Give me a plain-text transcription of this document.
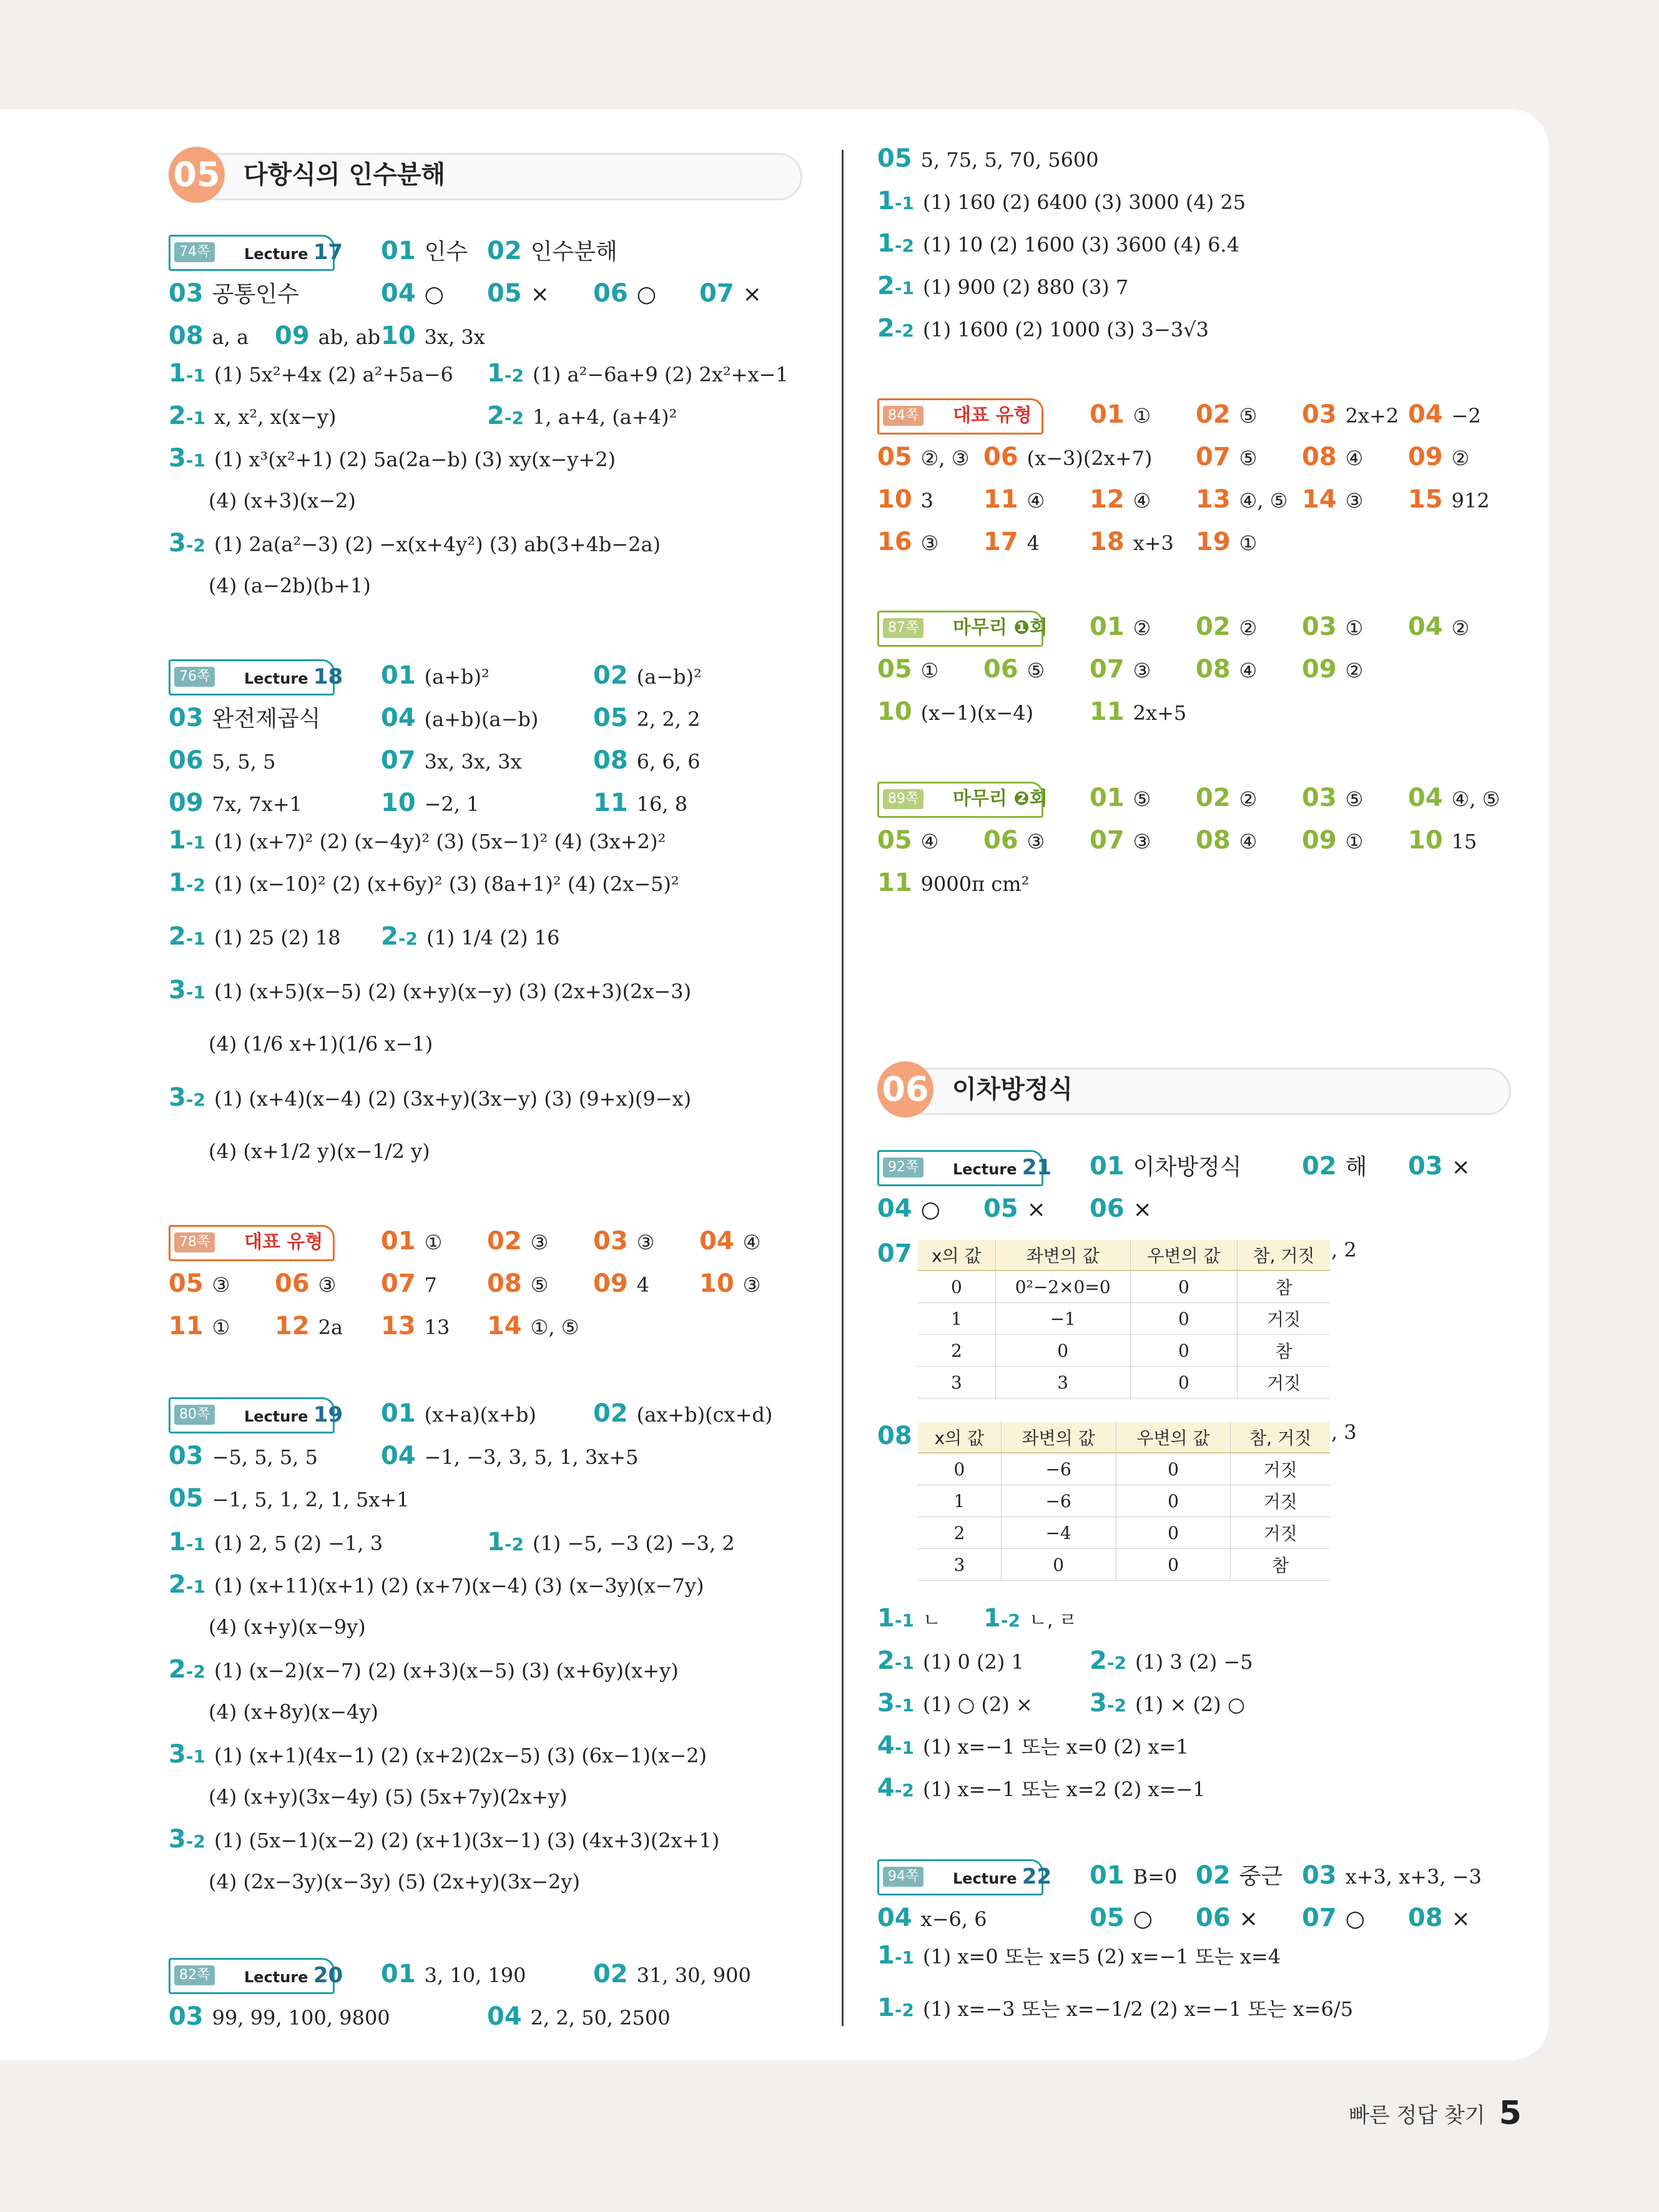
05 다항식의 인수분해
74쪽	Lecture 17 01 인수 02 인수분해
03 공통인수	04 ○ 05 × 06 ○ 07 ×
08 a, a 09 ab, ab 10 3x, 3x
1-1 (1) 5x²+4x (2) a²+5a−6 1-2 (1) a²−6a+9 (2) 2x²+x−1
2-1 x, x², x(x−y)	2-2 1, a+4, (a+4)²
3-1 (1) x³(x²+1) (2) 5a(2a−b) (3) xy(x−y+2)
(4) (x+3)(x−2)
3-2 (1) 2a(a²−3) (2) −x(x+4y²) (3) ab(3+4b−2a)
(4) (a−2b)(b+1)
76쪽	Lecture 18 01 (a+b)²	02 (a−b)²
03 완전제곱식 04 (a+b)(a−b) 05 2, 2, 2
06 5, 5, 5	07 3x, 3x, 3x	08 6, 6, 6
09 7x, 7x+1	10 −2, 1	11 16, 8
1-1 (1) (x+7)² (2) (x−4y)² (3) (5x−1)² (4) (3x+2)²
1-2 (1) (x−10)² (2) (x+6y)² (3) (8a+1)² (4) (2x−5)²
2-1 (1) 25 (2) 18 2-2 (1) 1/4 (2) 16
3-1 (1) (x+5)(x−5) (2) (x+y)(x−y) (3) (2x+3)(2x−3)
(4) (1/6 x+1)(1/6 x−1)
3-2 (1) (x+4)(x−4) (2) (3x+y)(3x−y) (3) (9+x)(9−x)
(4) (x+1/2 y)(x−1/2 y)
78쪽 대표 유형 01 ① 02 ③ 03 ③ 04 ④
05 ③ 06 ③ 07 7 08 ⑤ 09 4 10 ③
11 ① 12 2a 13 13 14 ①, ⑤
80쪽	Lecture 19 01 (x+a)(x+b) 02 (ax+b)(cx+d)
03 −5, 5, 5, 5	04 −1, −3, 3, 5, 1, 3x+5
05 −1, 5, 1, 2, 1, 5x+1
1-1 (1) 2, 5 (2) −1, 3	1-2 (1) −5, −3 (2) −3, 2
2-1 (1) (x+11)(x+1) (2) (x+7)(x−4) (3) (x−3y)(x−7y)
(4) (x+y)(x−9y)
2-2 (1) (x−2)(x−7) (2) (x+3)(x−5) (3) (x+6y)(x+y)
(4) (x+8y)(x−4y)
3-1 (1) (x+1)(4x−1) (2) (x+2)(2x−5) (3) (6x−1)(x−2)
(4) (x+y)(3x−4y) (5) (5x+7y)(2x+y)
3-2 (1) (5x−1)(x−2) (2) (x+1)(3x−1) (3) (4x+3)(2x+1)
(4) (2x−3y)(x−3y) (5) (2x+y)(3x−2y)
82쪽	Lecture 20 01 3, 10, 190	02 31, 30, 900
03 99, 99, 100, 9800	04 2, 2, 50, 2500
05 5, 75, 5, 70, 5600
1-1 (1) 160 (2) 6400 (3) 3000 (4) 25
1-2 (1) 10 (2) 1600 (3) 3600 (4) 6.4
2-1 (1) 900 (2) 880 (3) 7
2-2 (1) 1600 (2) 1000 (3) 3−3√3
84쪽 대표 유형 01 ① 02 ⑤ 03 2x+2 04 −2
05 ②, ③ 06 (x−3)(2x+7) 07 ⑤ 08 ④ 09 ②
10 3 11 ④ 12 ④ 13 ④, ⑤ 14 ③ 15 912
16 ③ 17 4 18 x+3 19 ①
87쪽 마무리 ❶회 01 ② 02 ② 03 ① 04 ②
05 ① 06 ⑤ 07 ③ 08 ④ 09 ②
10 (x−1)(x−4) 11 2x+5
89쪽 마무리 ❷회 01 ⑤ 02 ② 03 ⑤ 04 ④, ⑤
05 ④ 06 ③ 07 ③ 08 ④ 09 ① 10 15
11 9000π cm²
06 이차방정식
92쪽	Lecture 21 01 이차방정식 02 해 03 ×
04 ○ 05 × 06 ×
07	x의 값	좌변의 값	우변의 값	참, 거짓
0	0²−2×0=0	0	참
1	−1	0	거짓
2	0	0	참
3	3	0	거짓
, 2
08	x의 값	좌변의 값	우변의 값	참, 거짓
0	−6	0	거짓
1	−6	0	거짓
2	−4	0	거짓
3	0	0	참
, 3
1-1 ㄴ 1-2 ㄴ, ㄹ
2-1 (1) 0 (2) 1	2-2 (1) 3 (2) −5
3-1 (1) ○ (2) × 3-2 (1) × (2) ○
4-1 (1) x=−1 또는 x=0 (2) x=1
4-2 (1) x=−1 또는 x=2 (2) x=−1
94쪽	Lecture 22 01 B=0 02 중근 03 x+3, x+3, −3
04 x−6, 6	05 ○ 06 × 07 ○ 08 ×
1-1 (1) x=0 또는 x=5 (2) x=−1 또는 x=4
1-2 (1) x=−3 또는 x=−1/2 (2) x=−1 또는 x=6/5
빠른 정답 찾기 5
